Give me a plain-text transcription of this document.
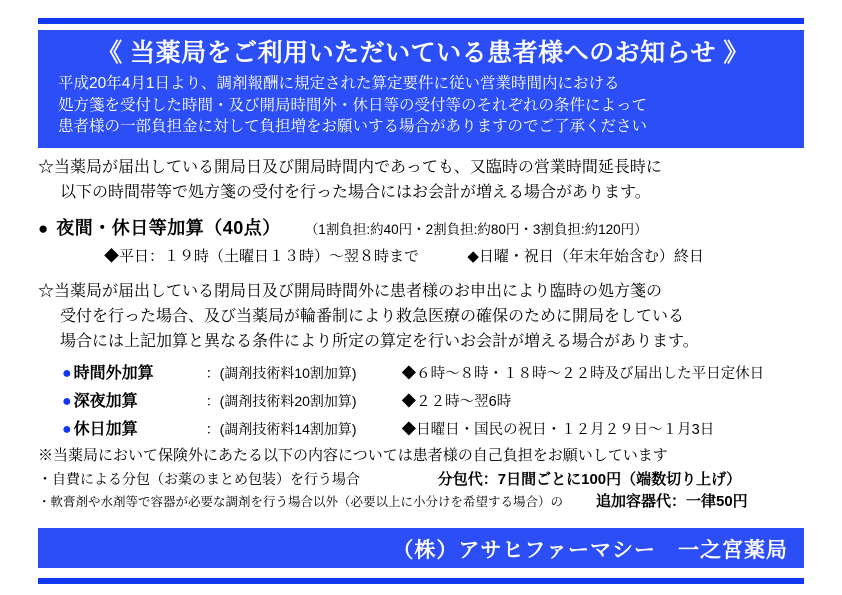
《 当薬局をご利用いただいている患者様へのお知らせ 》
平成20年4月1日より、調剤報酬に規定された算定要件に従い営業時間内における
処方箋を受付した時間・及び開局時間外・休日等の受付等のそれぞれの条件によって
患者様の一部負担金に対して負担増をお願いする場合がありますのでご了承ください
☆当薬局が届出している開局日及び開局時間内であっても、又臨時の営業時間延長時に
以下の時間帯等で処方箋の受付を行った場合にはお会計が増える場合があります。
● 夜間・休日等加算（40点） （1割負担:約40円・2割負担:約80円・3割負担:約120円）
◆平日：１９時（土曜日１３時）〜翌８時まで	◆日曜・祝日（年末年始含む）終日
☆当薬局が届出している閉局日及び開局時間外に患者様のお申出により臨時の処方箋の
受付を行った場合、及び当薬局が輪番制により救急医療の確保のために開局をしている
場合には上記加算と異なる条件により所定の算定を行いお会計が増える場合があります。
● 時間外加算	：(調剤技術料10割加算)	◆６時〜８時・１８時〜２２時及び届出した平日定休日
● 深夜加算	：(調剤技術料20割加算)	◆２２時〜翌6時
● 休日加算	：(調剤技術料14割加算)	◆日曜日・国民の祝日・１２月２９日〜１月3日
※当薬局において保険外にあたる以下の内容については患者様の自己負担をお願いしています
・自費による分包（お薬のまとめ包装）を行う場合	分包代：7日間ごとに100円（端数切り上げ）
・軟膏剤や水剤等で容器が必要な調剤を行う場合以外（必要以上に小分けを希望する場合）の 追加容器代：一律50円
（株）アサヒファーマシー　一之宮薬局
